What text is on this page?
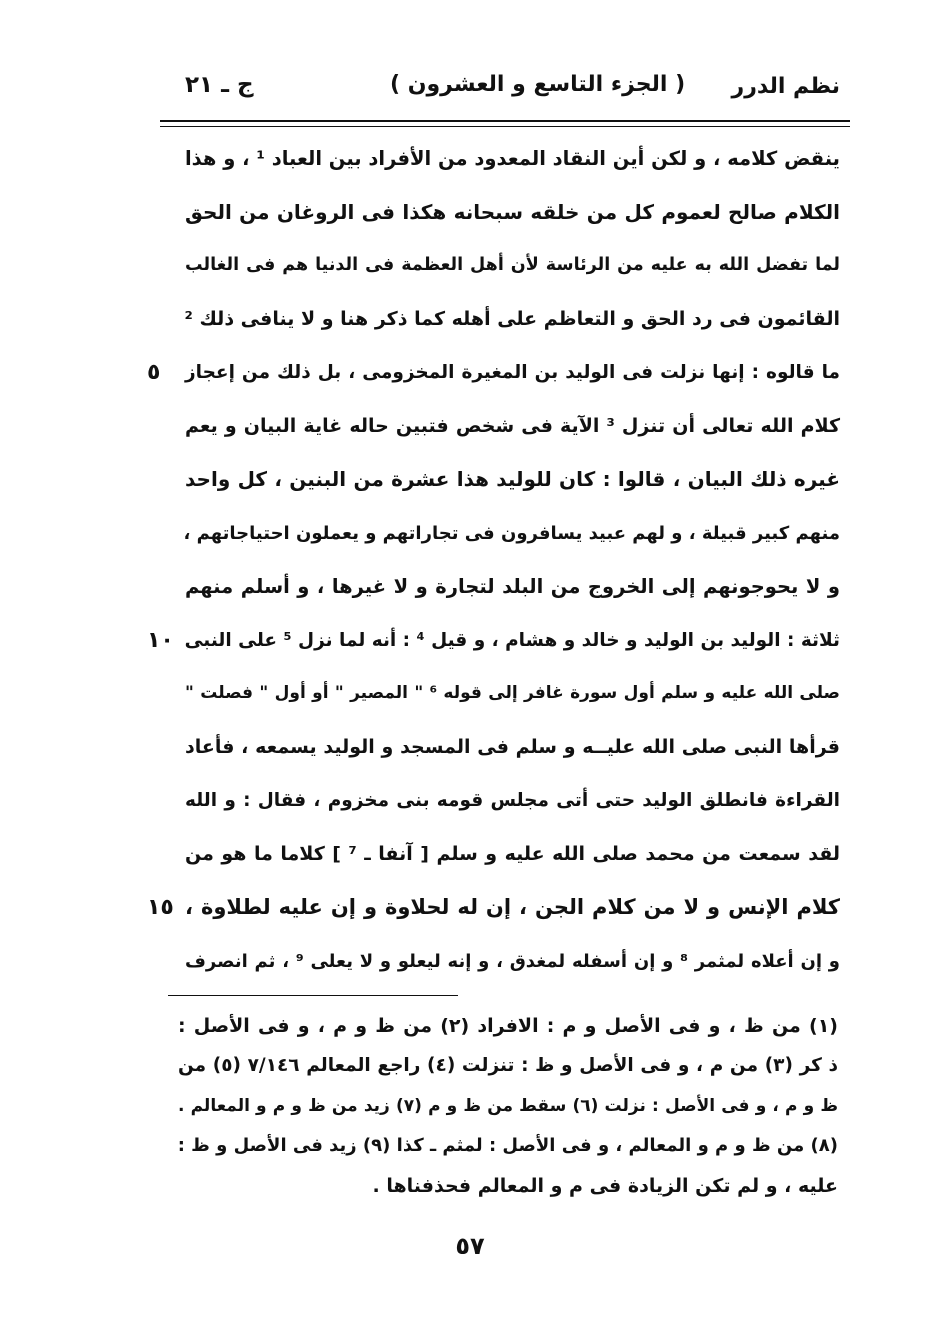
نظم الدرر
( الجزء التاسع و العشرون )
ج ـ ٢١
ينقض كلامه ، و لكن أين النقاد المعدود من الأفراد بين العباد ¹ ، و هذا
الكلام صالح لعموم كل من خلقه سبحانه هكذا فى الروغان من الحق
لما تفضل الله به عليه من الرئاسة لأن أهل العظمة فى الدنيا هم فى الغالب
القائمون فى رد الحق و التعاظم على أهله كما ذكر هنا و لا ينافى ذلك ²
ما قالوه : إنها نزلت فى الوليد بن المغيرة المخزومى ، بل ذلك من إعجاز
٥
كلام الله تعالى أن تنزل ³ الآية فى شخص فتبين حاله غاية البيان و يعم
غيره ذلك البيان ، قالوا : كان للوليد هذا عشرة من البنين ، كل واحد
منهم كبير قبيلة ، و لهم عبيد يسافرون فى تجاراتهم و يعملون احتياجاتهم ،
و لا يحوجونهم إلى الخروج من البلد لتجارة و لا غيرها ، و أسلم منهم
ثلاثة : الوليد بن الوليد و خالد و هشام ، و قيل ⁴ : أنه لما نزل ⁵ على النبى
١٠
صلى الله عليه و سلم أول سورة غافر إلى قوله ⁶ " المصير " أو أول " فصلت "
قرأها النبى صلى الله عليــه و سلم فى المسجد و الوليد يسمعه ، فأعاد
القراءة فانطلق الوليد حتى أتى مجلس قومه بنى مخزوم ، فقال : و الله
لقد سمعت من محمد صلى الله عليه و سلم [ آنفا ـ ⁷ ] كلاما ما هو من
كلام الإنس و لا من كلام الجن ، إن له لحلاوة و إن عليه لطلاوة ،
١٥
و إن أعلاه لمثمر ⁸ و إن أسفله لمغدق ، و إنه ليعلو و لا يعلى ⁹ ، ثم انصرف
(١) من ظ ، و فى الأصل و م : الافراد (٢) من ظ و م ، و فى الأصل :
ذ كر (٣) من م ، و فى الأصل و ظ : تنزلت (٤) راجع المعالم ٧/١٤٦ (٥) من
ظ و م ، و فى الأصل : نزلت (٦) سقط من ظ و م (٧) زيد من ظ و م و المعالم .
(٨) من ظ و م و المعالم ، و فى الأصل : لمثم ـ كذا (٩) زيد فى الأصل و ظ :
عليه ، و لم تكن الزيادة فى م و المعالم فحذفناها .
٥٧
